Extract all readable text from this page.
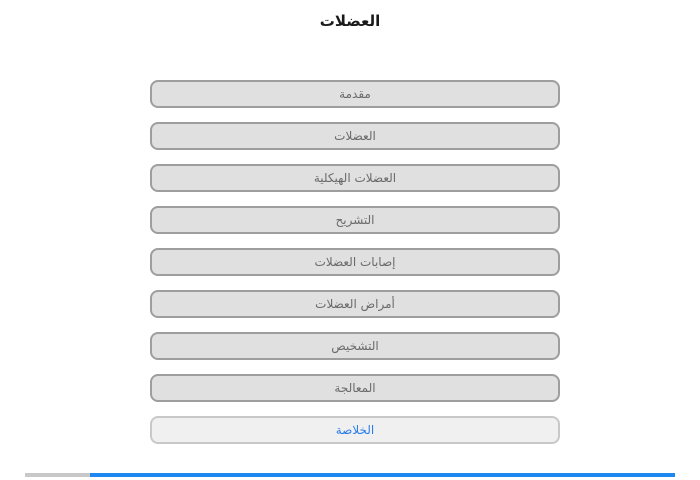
العضلات
مقدمة
العضلات
العضلات الهيكلية
التشريح
إصابات العضلات
أمراض العضلات
التشخيص
المعالجة
الخلاصة
